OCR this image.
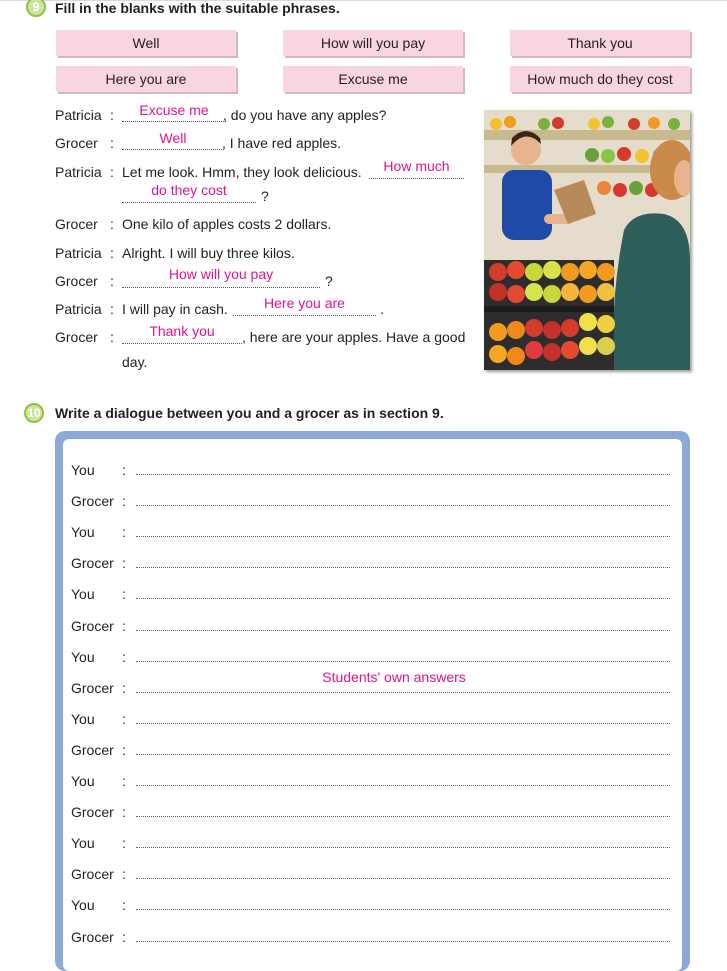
9	Fill in the blanks with the suitable phrases.
Well	How will you pay	Thank you
Here you are	Excuse me	How much do they cost
Patricia :	Excuse me	, do you have any apples?
Grocer :	Well	, I have red apples.
Patricia : Let me look. Hmm, they look delicious.	How much
do they cost	?
Grocer : One kilo of apples costs 2 dollars.
Patricia : Alright. I will buy three kilos.
Grocer :	How will you pay	?
Patricia : I will pay in cash.	Here you are	.
Grocer :	Thank you	, here are your apples. Have a good
day.
10 Write a dialogue between you and a grocer as in section 9.
You :
Grocer :
You :
Grocer :
You :
Grocer :
You :
Grocer :
You :
Grocer :
You :
Grocer :
You :
Grocer :
You :
Grocer :
Students' own answers
